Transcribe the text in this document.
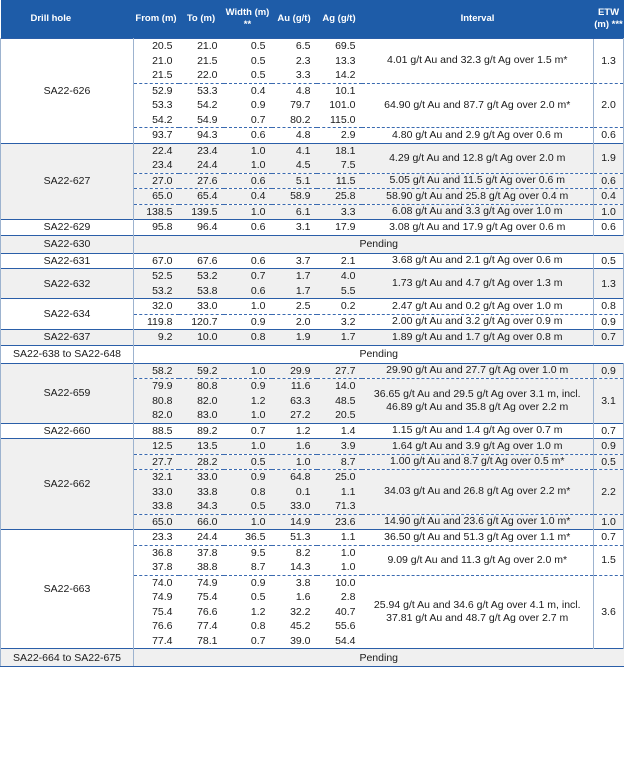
Drill hole	From (m)	To (m)	Width (m) **	Au (g/t)	Ag (g/t)	Interval	ETW (m) ***
SA22-626	20.5	21.0	0.5	6.5	69.5	4.01 g/t Au and 32.3 g/t Ag over 1.5 m*	1.3
	21.0	21.5	0.5	2.3	13.3		
	21.5	22.0	0.5	3.3	14.2		
	52.9	53.3	0.4	4.8	10.1	64.90 g/t Au and 87.7 g/t Ag over 2.0 m*	2.0
	53.3	54.2	0.9	79.7	101.0		
	54.2	54.9	0.7	80.2	115.0		
	93.7	94.3	0.6	4.8	2.9	4.80 g/t Au and 2.9 g/t Ag over 0.6 m	0.6
SA22-627	22.4	23.4	1.0	4.1	18.1	4.29 g/t Au and 12.8 g/t Ag over 2.0 m	1.9
	23.4	24.4	1.0	4.5	7.5		
	27.0	27.6	0.6	5.1	11.5	5.05 g/t Au and 11.5 g/t Ag over 0.6 m	0.6
	65.0	65.4	0.4	58.9	25.8	58.90 g/t Au and 25.8 g/t Ag over 0.4 m	0.4
	138.5	139.5	1.0	6.1	3.3	6.08 g/t Au and 3.3 g/t Ag over 1.0 m	1.0
SA22-629	95.8	96.4	0.6	3.1	17.9	3.08 g/t Au and 17.9 g/t Ag over 0.6 m	0.6
SA22-630	Pending						
SA22-631	67.0	67.6	0.6	3.7	2.1	3.68 g/t Au and 2.1 g/t Ag over 0.6 m	0.5
SA22-632	52.5	53.2	0.7	1.7	4.0	1.73 g/t Au and 4.7 g/t Ag over 1.3 m	1.3
	53.2	53.8	0.6	1.7	5.5		
SA22-634	32.0	33.0	1.0	2.5	0.2	2.47 g/t Au and 0.2 g/t Ag over 1.0 m	0.8
	119.8	120.7	0.9	2.0	3.2	2.00 g/t Au and 3.2 g/t Ag over 0.9 m	0.9
SA22-637	9.2	10.0	0.8	1.9	1.7	1.89 g/t Au and 1.7 g/t Ag over 0.8 m	0.7
SA22-638 to SA22-648	Pending						
SA22-659	58.2	59.2	1.0	29.9	27.7	29.90 g/t Au and 27.7 g/t Ag over 1.0 m	0.9
	79.9	80.8	0.9	11.6	14.0	36.65 g/t Au and 29.5 g/t Ag over 3.1 m, incl. 46.89 g/t Au and 35.8 g/t Ag over 2.2 m	3.1
	80.8	82.0	1.2	63.3	48.5		
	82.0	83.0	1.0	27.2	20.5		
SA22-660	88.5	89.2	0.7	1.2	1.4	1.15 g/t Au and 1.4 g/t Ag over 0.7 m	0.7
SA22-662	12.5	13.5	1.0	1.6	3.9	1.64 g/t Au and 3.9 g/t Ag over 1.0 m	0.9
	27.7	28.2	0.5	1.0	8.7	1.00 g/t Au and 8.7 g/t Ag over 0.5 m*	0.5
	32.1	33.0	0.9	64.8	25.0	34.03 g/t Au and 26.8 g/t Ag over 2.2 m*	2.2
	33.0	33.8	0.8	0.1	1.1		
	33.8	34.3	0.5	33.0	71.3		
	65.0	66.0	1.0	14.9	23.6	14.90 g/t Au and 23.6 g/t Ag over 1.0 m*	1.0
SA22-663	23.3	24.4	36.5	51.3	1.1	36.50 g/t Au and 51.3 g/t Ag over 1.1 m*	0.7
	36.8	37.8	9.5	8.2	1.0	9.09 g/t Au and 11.3 g/t Ag over 2.0 m*	1.5
	37.8	38.8	8.7	14.3	1.0		
	74.0	74.9	0.9	3.8	10.0	25.94 g/t Au and 34.6 g/t Ag over 4.1 m, incl. 37.81 g/t Au and 48.7 g/t Ag over 2.7 m	3.6
	74.9	75.4	0.5	1.6	2.8		
	75.4	76.6	1.2	32.2	40.7		
	76.6	77.4	0.8	45.2	55.6		
	77.4	78.1	0.7	39.0	54.4		
SA22-664 to SA22-675	Pending						
